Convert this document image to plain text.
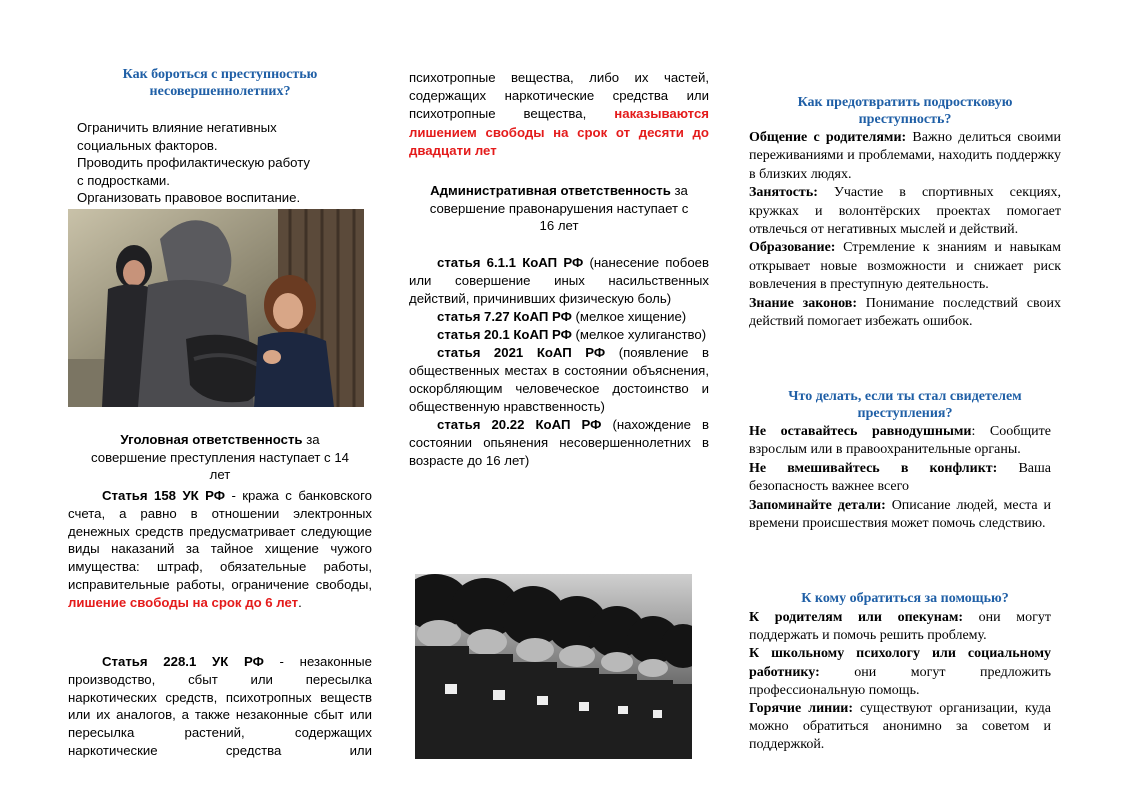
Как бороться с преступностью
несовершеннолетних?
Ограничить влияние негативных
социальных факторов.
Проводить профилактическую работу
с подростками.
Организовать правовое воспитание.
Уголовная ответственность за
совершение преступления наступает с 14
лет

Статья 158 УК РФ - кража с банковского счета, а равно в отношении электронных денежных средств предусматривает следующие виды наказаний за тайное хищение чужого имущества: штраф, обязательные работы, исправительные работы, ограничение свободы, лишение свободы на срок до 6 лет.

Статья 228.1 УК РФ - незаконные производство, сбыт или пересылка наркотических средств, психотропных веществ или их аналогов, а также незаконные сбыт или пересылка растений, содержащих наркотические средства или

психотропные вещества, либо их частей, содержащих наркотические средства или психотропные вещества, наказываются лишением свободы на срок от десяти до двадцати лет

Административная ответственность за
совершение правонарушения наступает с
16 лет

статья 6.1.1 КоАП РФ (нанесение побоев или совершение иных насильственных действий, причинивших физическую боль)

статья 7.27 КоАП РФ (мелкое хищение)

статья 20.1 КоАП РФ (мелкое хулиганство)

статья 2021 КоАП РФ (появление в общественных местах в состоянии объяснения, оскорбляющим человеческое достоинство и общественную нравственность)

статья 20.22 КоАП РФ (нахождение в состоянии опьянения несовершеннолетних в возрасте до 16 лет)

Как предотвратить подростковую
преступность?

Общение с родителями: Важно делиться своими переживаниями и проблемами, находить поддержку в близких людях.

Занятость: Участие в спортивных секциях, кружках и волонтёрских проектах помогает отвлечься от негативных мыслей и действий.

Образование: Стремление к знаниям и навыкам открывает новые возможности и снижает риск вовлечения в преступную деятельность.

Знание законов: Понимание последствий своих действий помогает избежать ошибок.

Что делать, если ты стал свидетелем
преступления?

Не оставайтесь равнодушными: Сообщите взрослым или в правоохранительные органы.

Не вмешивайтесь в конфликт: Ваша безопасность важнее всего

Запоминайте детали: Описание людей, места и времени происшествия может помочь следствию.

К кому обратиться за помощью?

К родителям или опекунам: они могут поддержать и помочь решить проблему.

К школьному психологу или социальному работнику: они могут предложить профессиональную помощь.

Горячие линии: существуют организации, куда можно обратиться анонимно за советом и поддержкой.
